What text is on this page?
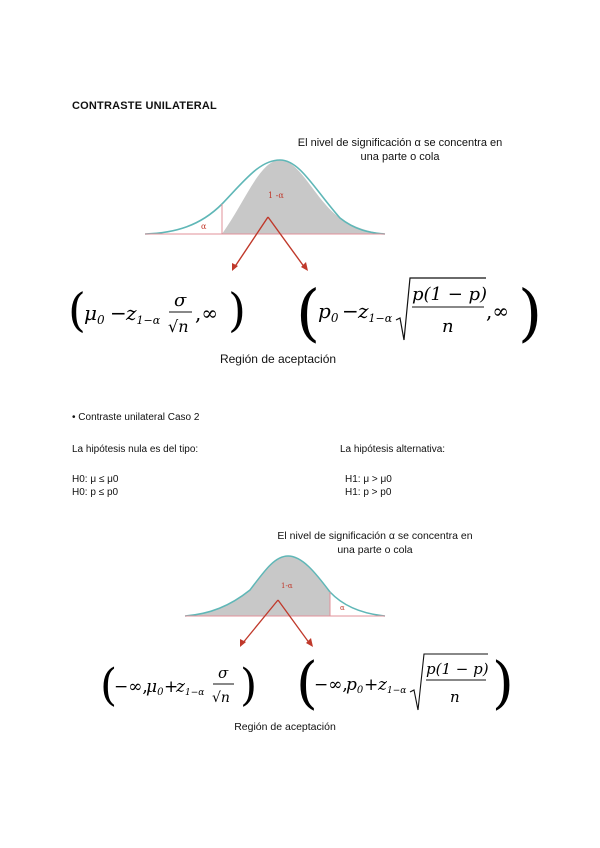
CONTRASTE UNILATERAL
El nivel de significación α se concentra en
una parte o cola
1 -α
α
(
$\mu_0 - z_{1-\alpha}$
σ
√n
,∞ ) (
$p_0 - z_{1-\alpha}$
p(1 − p)
n
,∞ )
Región de aceptación
• Contraste unilateral Caso 2
La hipótesis nula es del tipo:	La hipótesis alternativa:
H0: μ ≤ μ0
H0: p ≤ p0
H1: μ > μ0
H1: p > p0
El nivel de significación α se concentra en
una parte o cola
1-α
α
(
−∞,
μ0 +
z1−α
σ
√n ) (
−∞,
p0 + z1−α
p(1 − p)
n )
Región de aceptación
